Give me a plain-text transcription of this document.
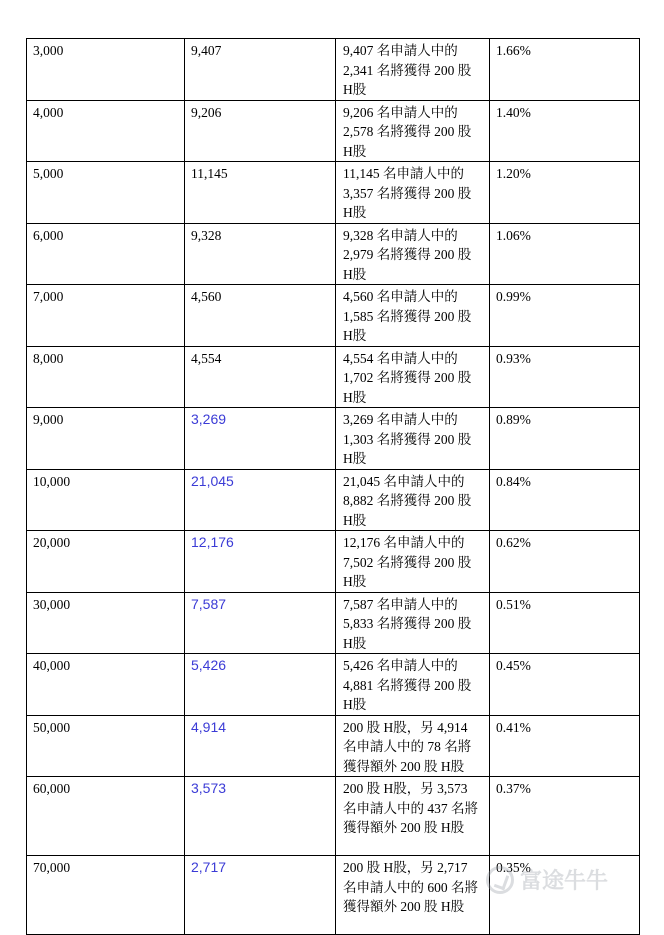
3,000	9,407	9,407 名申請人中的 2,341 名將獲得 200 股 H股	1.66%
4,000	9,206	9,206 名申請人中的 2,578 名將獲得 200 股 H股	1.40%
5,000	11,145	11,145 名申請人中的 3,357 名將獲得 200 股 H股	1.20%
6,000	9,328	9,328 名申請人中的 2,979 名將獲得 200 股 H股	1.06%
7,000	4,560	4,560 名申請人中的 1,585 名將獲得 200 股 H股	0.99%
8,000	4,554	4,554 名申請人中的 1,702 名將獲得 200 股 H股	0.93%
9,000	3,269	3,269 名申請人中的 1,303 名將獲得 200 股 H股	0.89%
10,000	21,045	21,045 名申請人中的 8,882 名將獲得 200 股 H股	0.84%
20,000	12,176	12,176 名申請人中的 7,502 名將獲得 200 股 H股	0.62%
30,000	7,587	7,587 名申請人中的 5,833 名將獲得 200 股 H股	0.51%
40,000	5,426	5,426 名申請人中的 4,881 名將獲得 200 股 H股	0.45%
50,000	4,914	200 股 H股，另 4,914 名申請人中的 78 名將獲得額外 200 股 H股	0.41%
60,000	3,573	200 股 H股，另 3,573 名申請人中的 437 名將獲得額外 200 股 H股	0.37%
70,000	2,717	200 股 H股，另 2,717 名申請人中的 600 名將獲得額外 200 股 H股	0.35%
富途牛牛
